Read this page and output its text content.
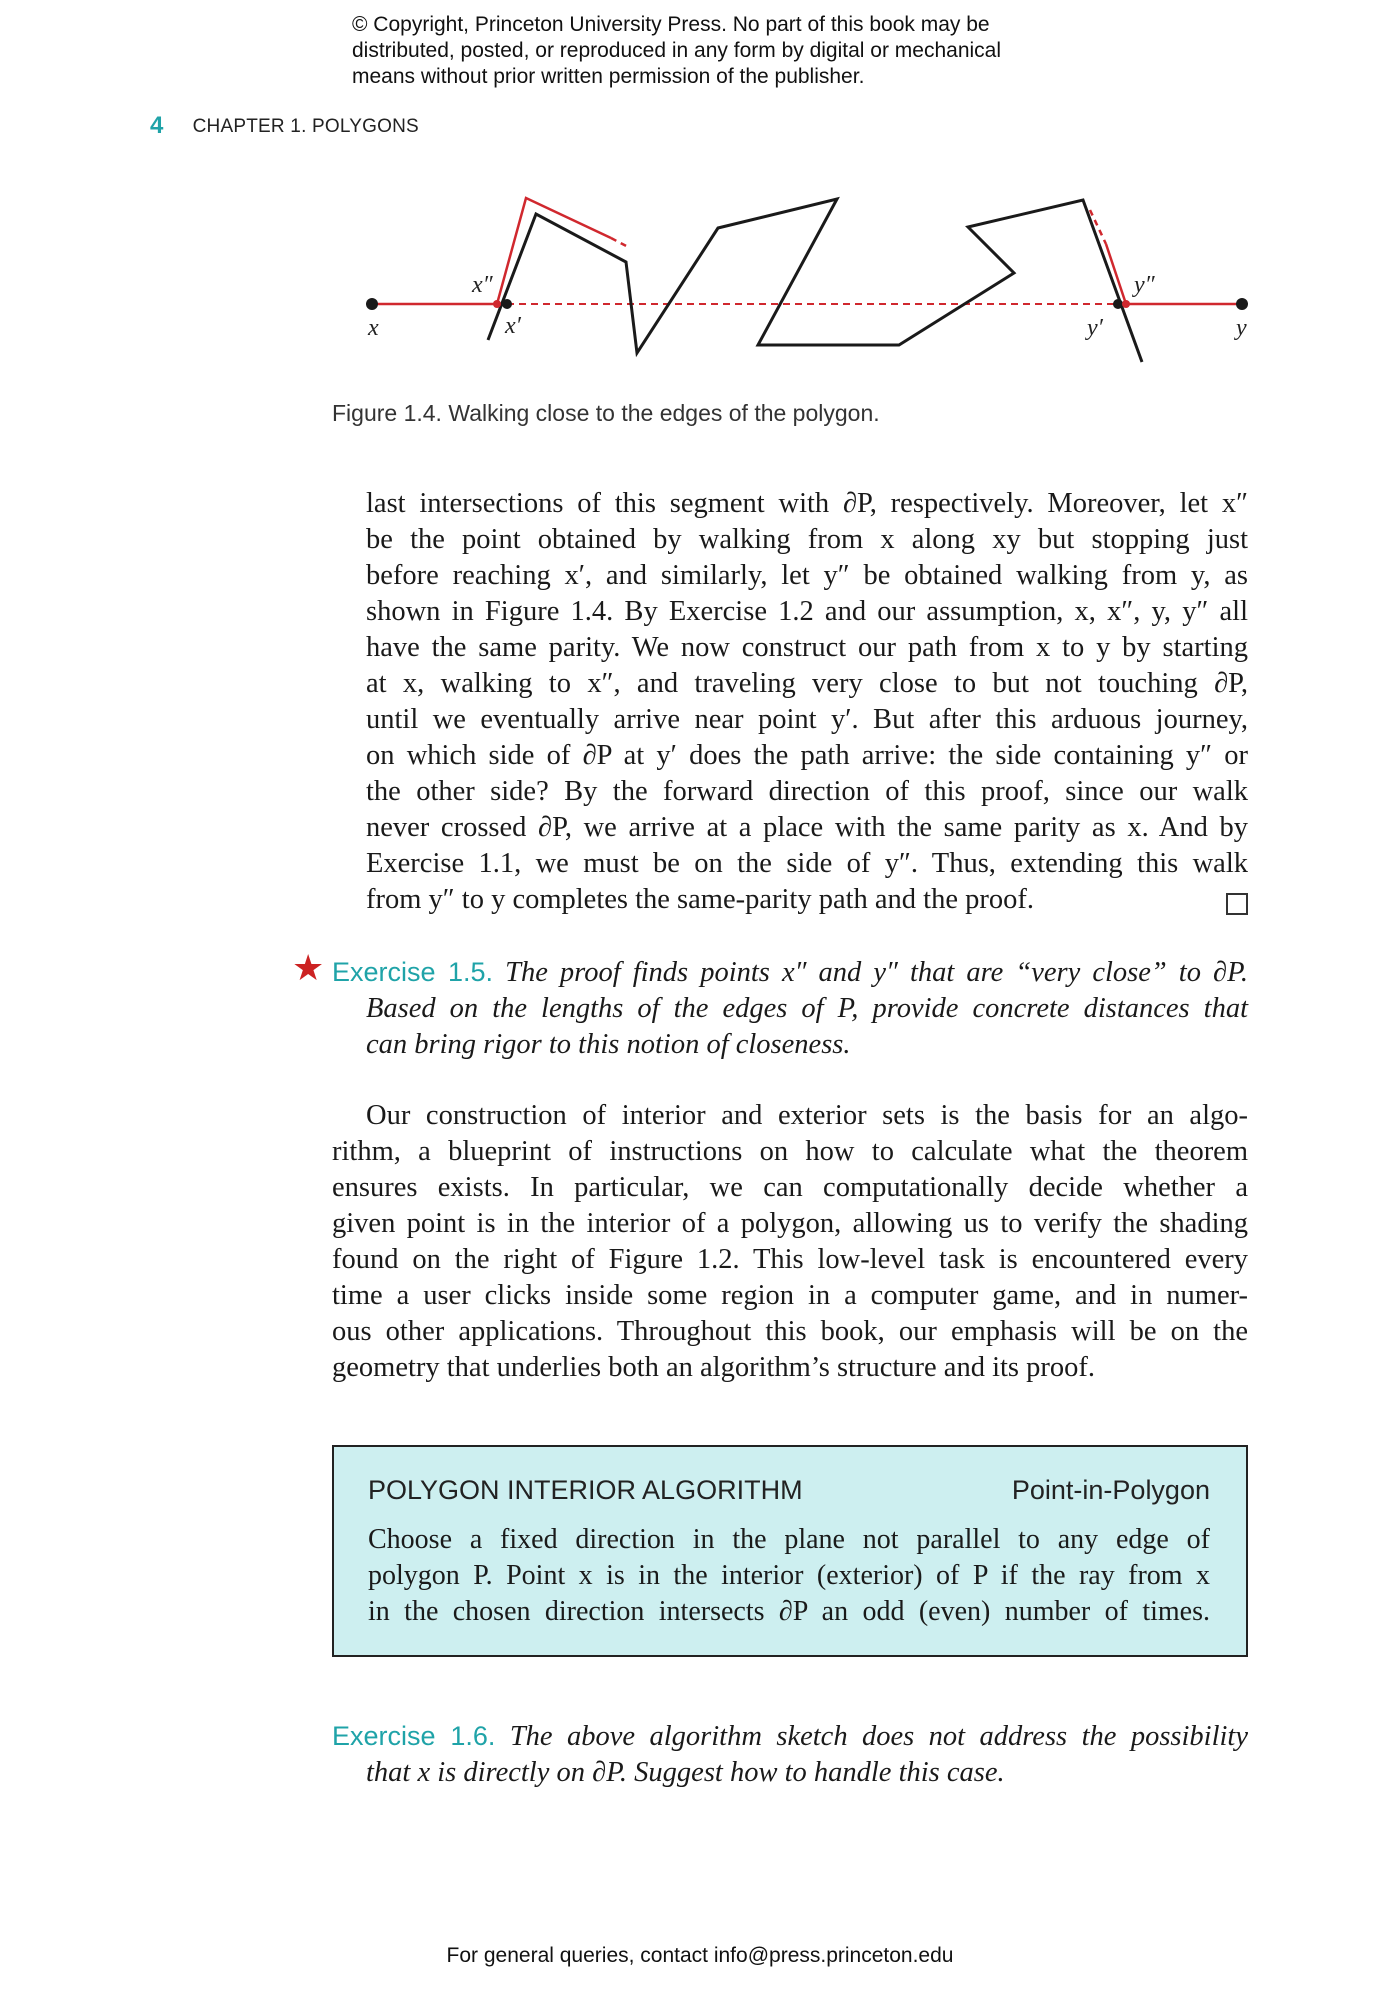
© Copyright, Princeton University Press. No part of this book may be
distributed, posted, or reproduced in any form by digital or mechanical
means without prior written permission of the publisher.
4 CHAPTER 1. POLYGONS
x
x″
x′	y′
y″
y
Figure 1.4. Walking close to the edges of the polygon.

last intersections of this segment with ∂P, respectively. Moreover, let x″
be the point obtained by walking from x along xy but stopping just
before reaching x′, and similarly, let y″ be obtained walking from y, as
shown in Figure 1.4. By Exercise 1.2 and our assumption, x, x″, y, y″ all
have the same parity. We now construct our path from x to y by starting
at x, walking to x″, and traveling very close to but not touching ∂P,
until we eventually arrive near point y′. But after this arduous journey,
on which side of ∂P at y′ does the path arrive: the side containing y″ or
the other side? By the forward direction of this proof, since our walk
never crossed ∂P, we arrive at a place with the same parity as x. And by
Exercise 1.1, we must be on the side of y″. Thus, extending this walk
from y″ to y completes the same-parity path and the proof.

★ Exercise 1.5. The proof finds points x″ and y″ that are “very close” to ∂P.
Based on the lengths of the edges of P, provide concrete distances that
can bring rigor to this notion of closeness.

Our construction of interior and exterior sets is the basis for an algo-
rithm, a blueprint of instructions on how to calculate what the theorem
ensures exists. In particular, we can computationally decide whether a
given point is in the interior of a polygon, allowing us to verify the shading
found on the right of Figure 1.2. This low-level task is encountered every
time a user clicks inside some region in a computer game, and in numer-
ous other applications. Throughout this book, our emphasis will be on the
geometry that underlies both an algorithm’s structure and its proof.

POLYGON INTERIOR ALGORITHM	Point-in-Polygon

Choose a fixed direction in the plane not parallel to any edge of
polygon P. Point x is in the interior (exterior) of P if the ray from x
in the chosen direction intersects ∂P an odd (even) number of times.

Exercise 1.6. The above algorithm sketch does not address the possibility
that x is directly on ∂P. Suggest how to handle this case.

For general queries, contact info@press.princeton.edu
